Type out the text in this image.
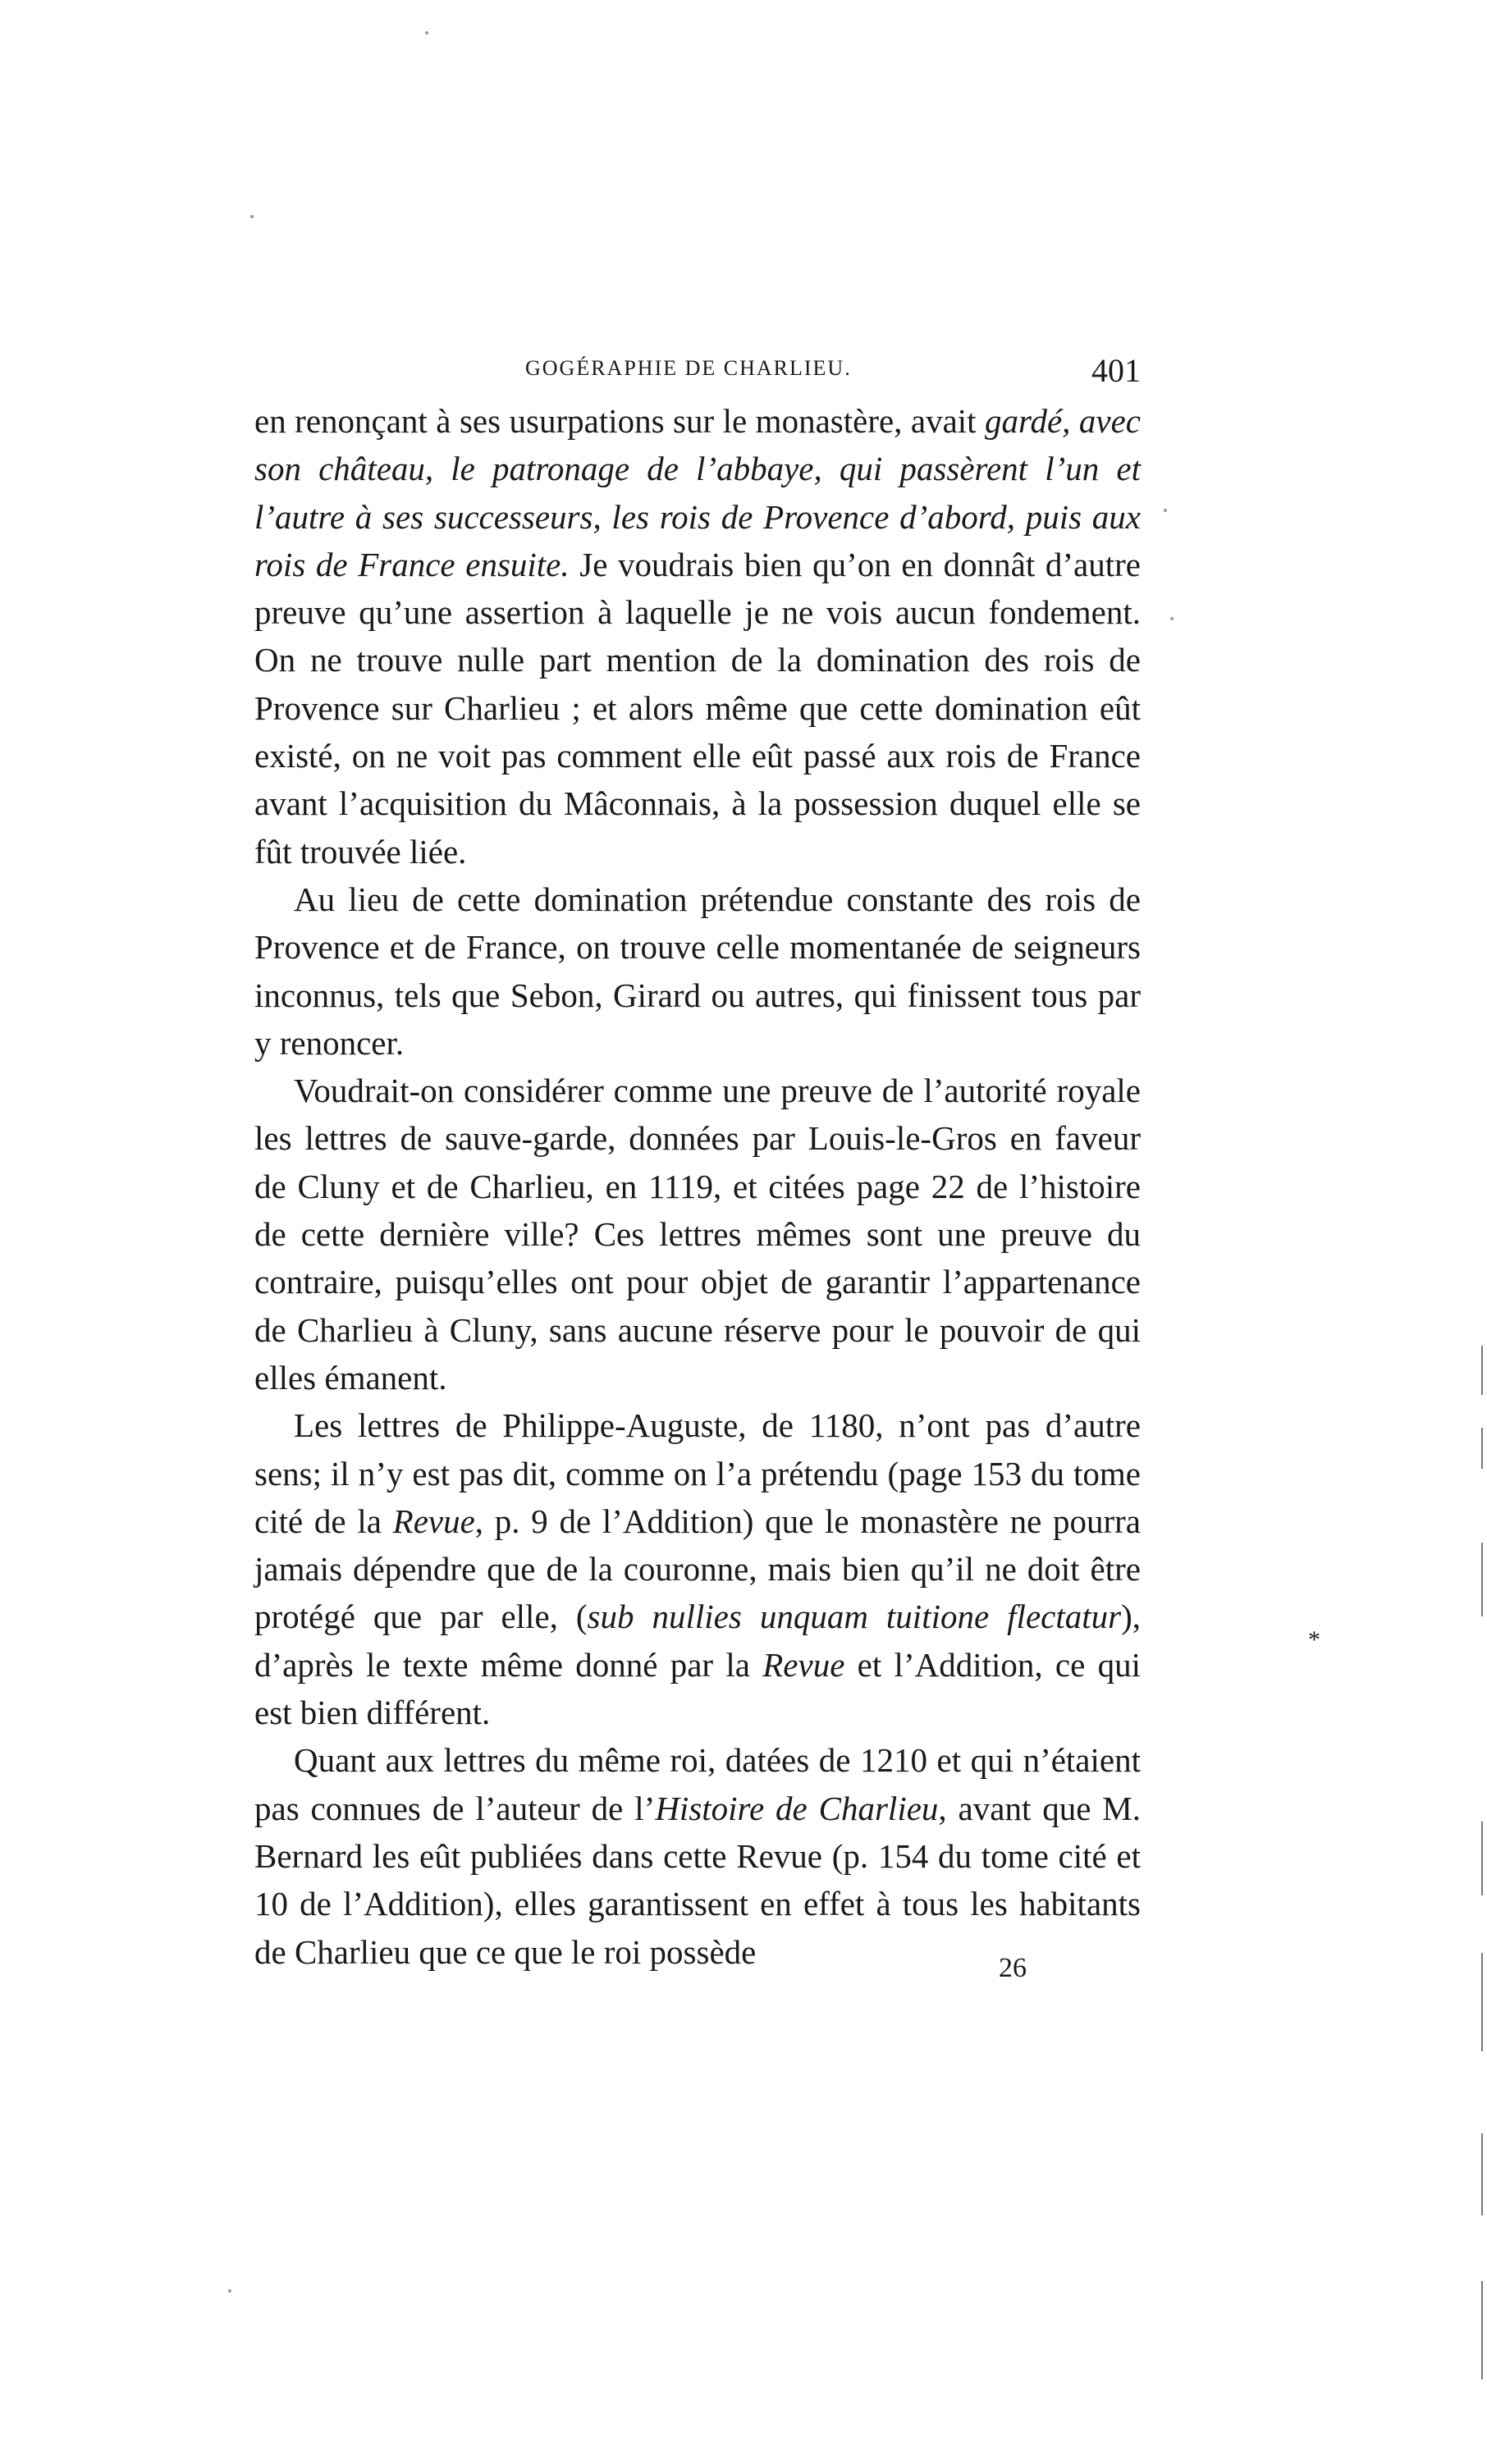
GOGÉRAPHIE DE CHARLIEU.	401

en renonçant à ses usurpations sur le monastère, avait gardé, avec son château, le patronage de l’abbaye, qui passèrent l’un et l’autre à ses successeurs, les rois de Provence d’abord, puis aux rois de France ensuite. Je voudrais bien qu’on en donnât d’autre preuve qu’une assertion à laquelle je ne vois aucun fondement. On ne trouve nulle part mention de la domination des rois de Provence sur Charlieu ; et alors même que cette domination eût existé, on ne voit pas comment elle eût passé aux rois de France avant l’acquisition du Mâconnais, à la possession duquel elle se fût trouvée liée.

Au lieu de cette domination prétendue constante des rois de Provence et de France, on trouve celle momentanée de seigneurs inconnus, tels que Sebon, Girard ou autres, qui finissent tous par y renoncer.

Voudrait-on considérer comme une preuve de l’autorité royale les lettres de sauve-garde, données par Louis-le-Gros en faveur de Cluny et de Charlieu, en 1119, et citées page 22 de l’histoire de cette dernière ville? Ces lettres mêmes sont une preuve du contraire, puisqu’elles ont pour objet de garantir l’appartenance de Charlieu à Cluny, sans aucune réserve pour le pouvoir de qui elles émanent.

Les lettres de Philippe-Auguste, de 1180, n’ont pas d’autre sens; il n’y est pas dit, comme on l’a prétendu (page 153 du tome cité de la Revue, p. 9 de l’Addition) que le monastère ne pourra jamais dépendre que de la couronne, mais bien qu’il ne doit être protégé que par elle, (sub nullies unquam tuitione flectatur), d’après le texte même donné par la Revue et l’Addition, ce qui est bien différent.

Quant aux lettres du même roi, datées de 1210 et qui n’étaient pas connues de l’auteur de l’Histoire de Charlieu, avant que M. Bernard les eût publiées dans cette Revue (p. 154 du tome cité et 10 de l’Addition), elles garantissent en effet à tous les habitants de Charlieu que ce que le roi possède	26
*
